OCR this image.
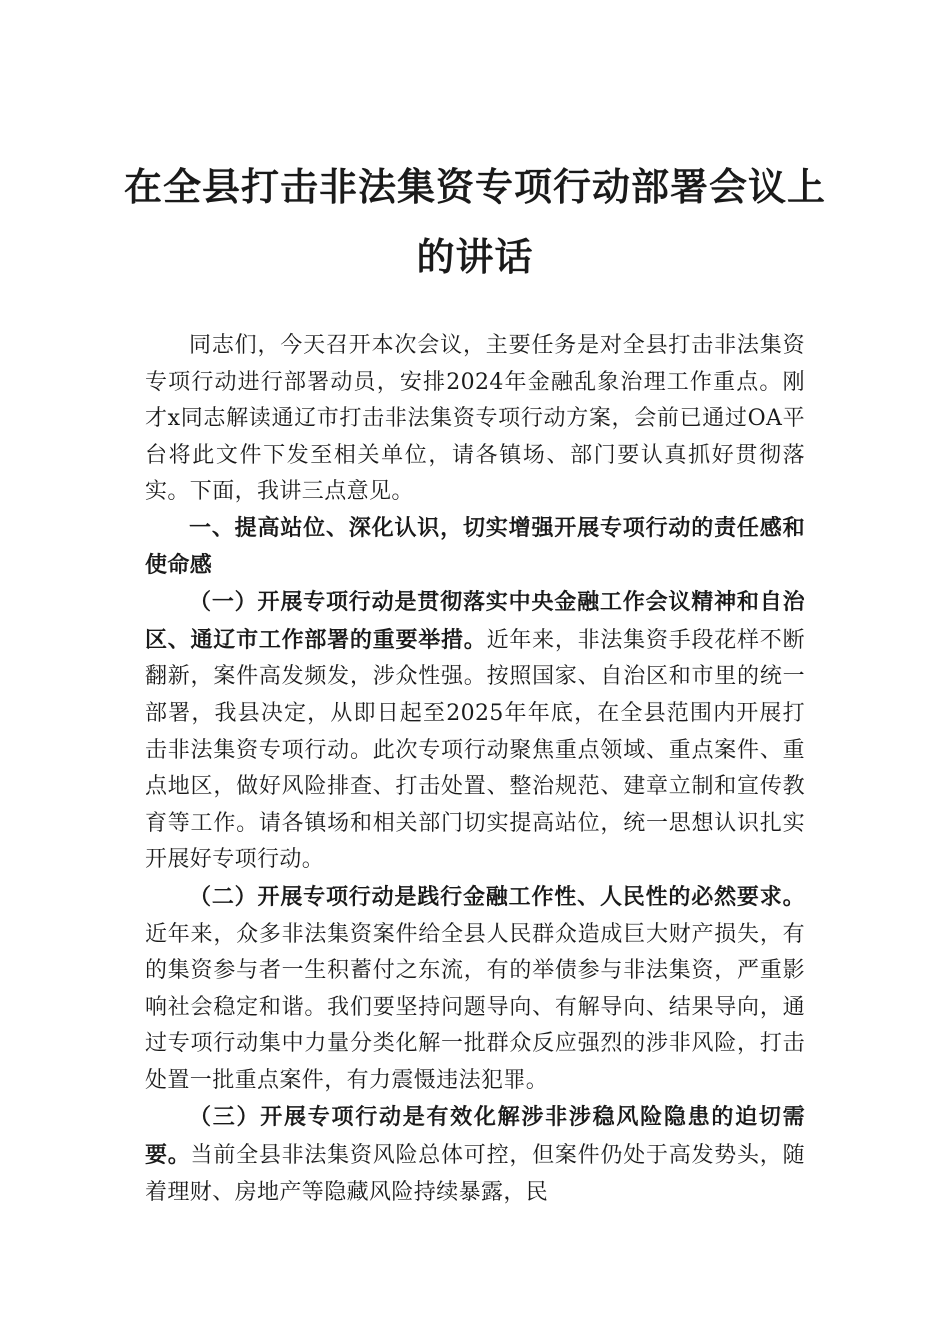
在全县打击非法集资专项行动部署会议上
的讲话

同志们，今天召开本次会议，主要任务是对全县打击非法集资专项行动进行部署动员，安排2024年金融乱象治理工作重点。刚才x同志解读通辽市打击非法集资专项行动方案，会前已通过OA平台将此文件下发至相关单位，请各镇场、部门要认真抓好贯彻落实。下面，我讲三点意见。

一、提高站位、深化认识，切实增强开展专项行动的责任感和使命感

（一）开展专项行动是贯彻落实中央金融工作会议精神和自治区、通辽市工作部署的重要举措。近年来，非法集资手段花样不断翻新，案件高发频发，涉众性强。按照国家、自治区和市里的统一部署，我县决定，从即日起至2025年年底，在全县范围内开展打击非法集资专项行动。此次专项行动聚焦重点领域、重点案件、重点地区，做好风险排查、打击处置、整治规范、建章立制和宣传教育等工作。请各镇场和相关部门切实提高站位，统一思想认识扎实开展好专项行动。

（二）开展专项行动是践行金融工作性、人民性的必然要求。近年来，众多非法集资案件给全县人民群众造成巨大财产损失，有的集资参与者一生积蓄付之东流，有的举债参与非法集资，严重影响社会稳定和谐。我们要坚持问题导向、有解导向、结果导向，通过专项行动集中力量分类化解一批群众反应强烈的涉非风险，打击处置一批重点案件，有力震慑违法犯罪。

（三）开展专项行动是有效化解涉非涉稳风险隐患的迫切需要。当前全县非法集资风险总体可控，但案件仍处于高发势头，随着理财、房地产等隐藏风险持续暴露，民
